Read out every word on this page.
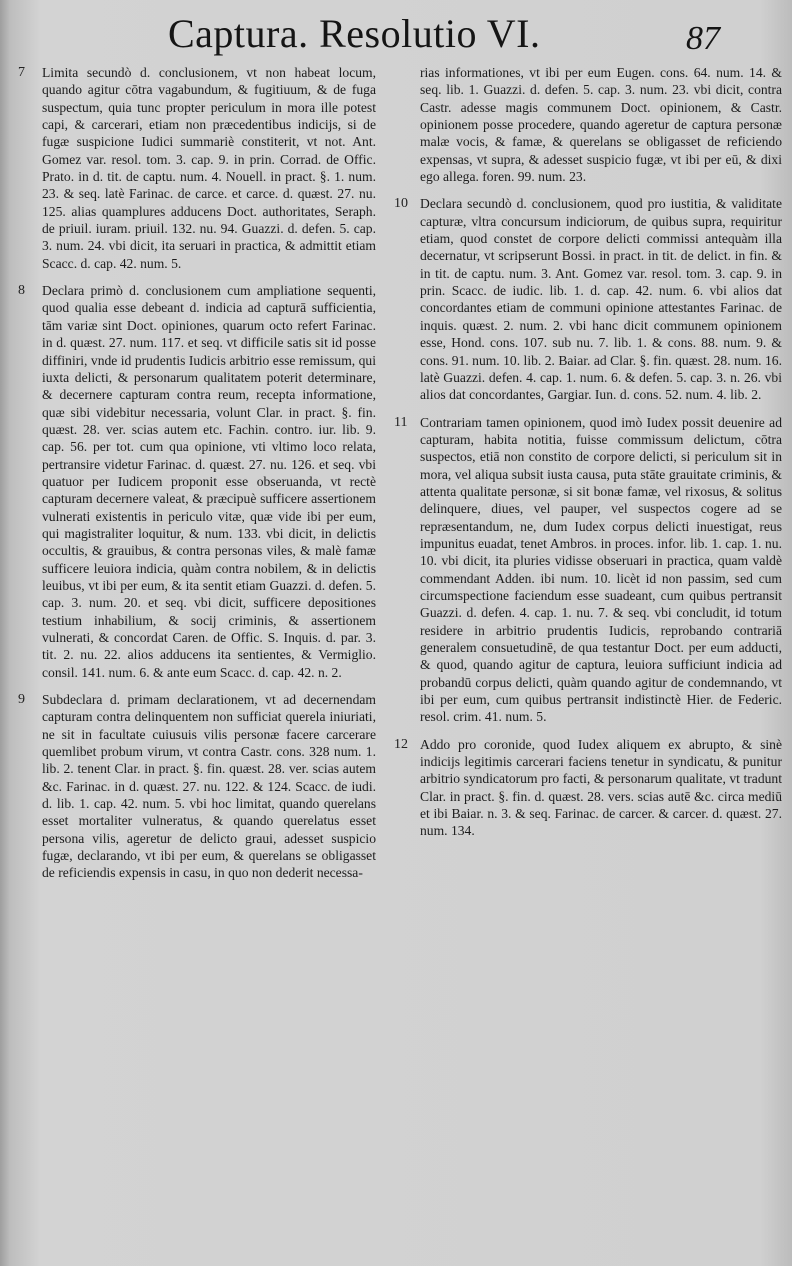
Captura. Resolutio VI.	87
7	Limita secundò d. conclusionem, vt non habeat locum, quando agitur cōtra vagabundum, & fugitiuum, & de fuga suspectum, quia tunc propter periculum in mora ille potest capi, & carcerari, etiam non præcedentibus indicijs, si de fugæ suspicione Iudici summariè constiterit, vt not. Ant. Gomez var. resol. tom. 3. cap. 9. in prin. Corrad. de Offic. Prato. in d. tit. de captu. num. 4. Nouell. in pract. §. 1. num. 23. & seq. latè Farinac. de carce. et carce. d. quæst. 27. nu. 125. alias quamplures adducens Doct. authoritates, Seraph. de priuil. iuram. priuil. 132. nu. 94. Guazzi. d. defen. 5. cap. 3. num. 24. vbi dicit, ita seruari in practica, & admittit etiam Scacc. d. cap. 42. num. 5.

8	Declara primò d. conclusionem cum ampliatione sequenti, quod qualia esse debeant d. indicia ad capturā sufficientia, tām variæ sint Doct. opiniones, quarum octo refert Farinac. in d. quæst. 27. num. 117. et seq. vt difficile satis sit id posse diffiniri, vnde id prudentis Iudicis arbitrio esse remissum, qui iuxta delicti, & personarum qualitatem poterit determinare, & decernere capturam contra reum, recepta informatione, quæ sibi videbitur necessaria, volunt Clar. in pract. §. fin. quæst. 28. ver. scias autem etc. Fachin. contro. iur. lib. 9. cap. 56. per tot. cum qua opinione, vti vltimo loco relata, pertransire videtur Farinac. d. quæst. 27. nu. 126. et seq. vbi quatuor per Iudicem proponit esse obseruanda, vt rectè capturam decernere valeat, & præcipuè sufficere assertionem vulnerati existentis in periculo vitæ, quæ vide ibi per eum, qui magistraliter loquitur, & num. 133. vbi dicit, in delictis occultis, & grauibus, & contra personas viles, & malè famæ sufficere leuiora indicia, quàm contra nobilem, & in delictis leuibus, vt ibi per eum, & ita sentit etiam Guazzi. d. defen. 5. cap. 3. num. 20. et seq. vbi dicit, sufficere depositiones testium inhabilium, & socij criminis, & assertionem vulnerati, & concordat Caren. de Offic. S. Inquis. d. par. 3. tit. 2. nu. 22. alios adducens ita sentientes, & Vermiglio. consil. 141. num. 6. & ante eum Scacc. d. cap. 42. n. 2.

9	Subdeclara d. primam declarationem, vt ad decernendam capturam contra delinquentem non sufficiat querela iniuriati, ne sit in facultate cuiusuis vilis personæ facere carcerare quemlibet probum virum, vt contra Castr. cons. 328 num. 1. lib. 2. tenent Clar. in pract. §. fin. quæst. 28. ver. scias autem &c. Farinac. in d. quæst. 27. nu. 122. & 124. Scacc. de iudi. d. lib. 1. cap. 42. num. 5. vbi hoc limitat, quando querelans esset mortaliter vulneratus, & quando querelatus esset persona vilis, ageretur de delicto graui, adesset suspicio fugæ, declarando, vt ibi per eum, & querelans se obligasset de reficiendis expensis in casu, in quo non dederit necessa-

rias informationes, vt ibi per eum Eugen. cons. 64. num. 14. & seq. lib. 1. Guazzi. d. defen. 5. cap. 3. num. 23. vbi dicit, contra Castr. adesse magis communem Doct. opinionem, & Castr. opinionem posse procedere, quando ageretur de captura personæ malæ vocis, & famæ, & querelans se obligasset de reficiendo expensas, vt supra, & adesset suspicio fugæ, vt ibi per eū, & dixi ego allega. foren. 99. num. 23.

10 Declara secundò d. conclusionem, quod pro iustitia, & validitate capturæ, vltra concursum indiciorum, de quibus supra, requiritur etiam, quod constet de corpore delicti commissi antequàm illa decernatur, vt scripserunt Bossi. in pract. in tit. de delict. in fin. & in tit. de captu. num. 3. Ant. Gomez var. resol. tom. 3. cap. 9. in prin. Scacc. de iudic. lib. 1. d. cap. 42. num. 6. vbi alios dat concordantes etiam de communi opinione attestantes Farinac. de inquis. quæst. 2. num. 2. vbi hanc dicit communem opinionem esse, Hond. cons. 107. sub nu. 7. lib. 1. & cons. 88. num. 9. & cons. 91. num. 10. lib. 2. Baiar. ad Clar. §. fin. quæst. 28. num. 16. latè Guazzi. defen. 4. cap. 1. num. 6. & defen. 5. cap. 3. n. 26. vbi alios dat concordantes, Gargiar. Iun. d. cons. 52. num. 4. lib. 2.

11 Contrariam tamen opinionem, quod imò Iudex possit deuenire ad capturam, habita notitia, fuisse commissum delictum, cōtra suspectos, etiā non constito de corpore delicti, si periculum sit in mora, vel aliqua subsit iusta causa, puta stāte grauitate criminis, & attenta qualitate personæ, si sit bonæ famæ, vel rixosus, & solitus delinquere, diues, vel pauper, vel suspectos cogere ad se repræsentandum, ne, dum Iudex corpus delicti inuestigat, reus impunitus euadat, tenet Ambros. in proces. infor. lib. 1. cap. 1. nu. 10. vbi dicit, ita pluries vidisse obseruari in practica, quam valdè commendant Adden. ibi num. 10. licèt id non passim, sed cum circumspectione faciendum esse suadeant, cum quibus pertransit Guazzi. d. defen. 4. cap. 1. nu. 7. & seq. vbi concludit, id totum residere in arbitrio prudentis Iudicis, reprobando contrariā generalem consuetudinē, de qua testantur Doct. per eum adducti, & quod, quando agitur de captura, leuiora sufficiunt indicia ad probandū corpus delicti, quàm quando agitur de condemnando, vt ibi per eum, cum quibus pertransit indistinctè Hier. de Federic. resol. crim. 41. num. 5.

12 Addo pro coronide, quod Iudex aliquem ex abrupto, & sinè indicijs legitimis carcerari faciens tenetur in syndicatu, & punitur arbitrio syndicatorum pro facti, & personarum qualitate, vt tradunt Clar. in pract. §. fin. d. quæst. 28. vers. scias autē &c. circa mediū et ibi Baiar. n. 3. & seq. Farinac. de carcer. & carcer. d. quæst. 27. num. 134.
